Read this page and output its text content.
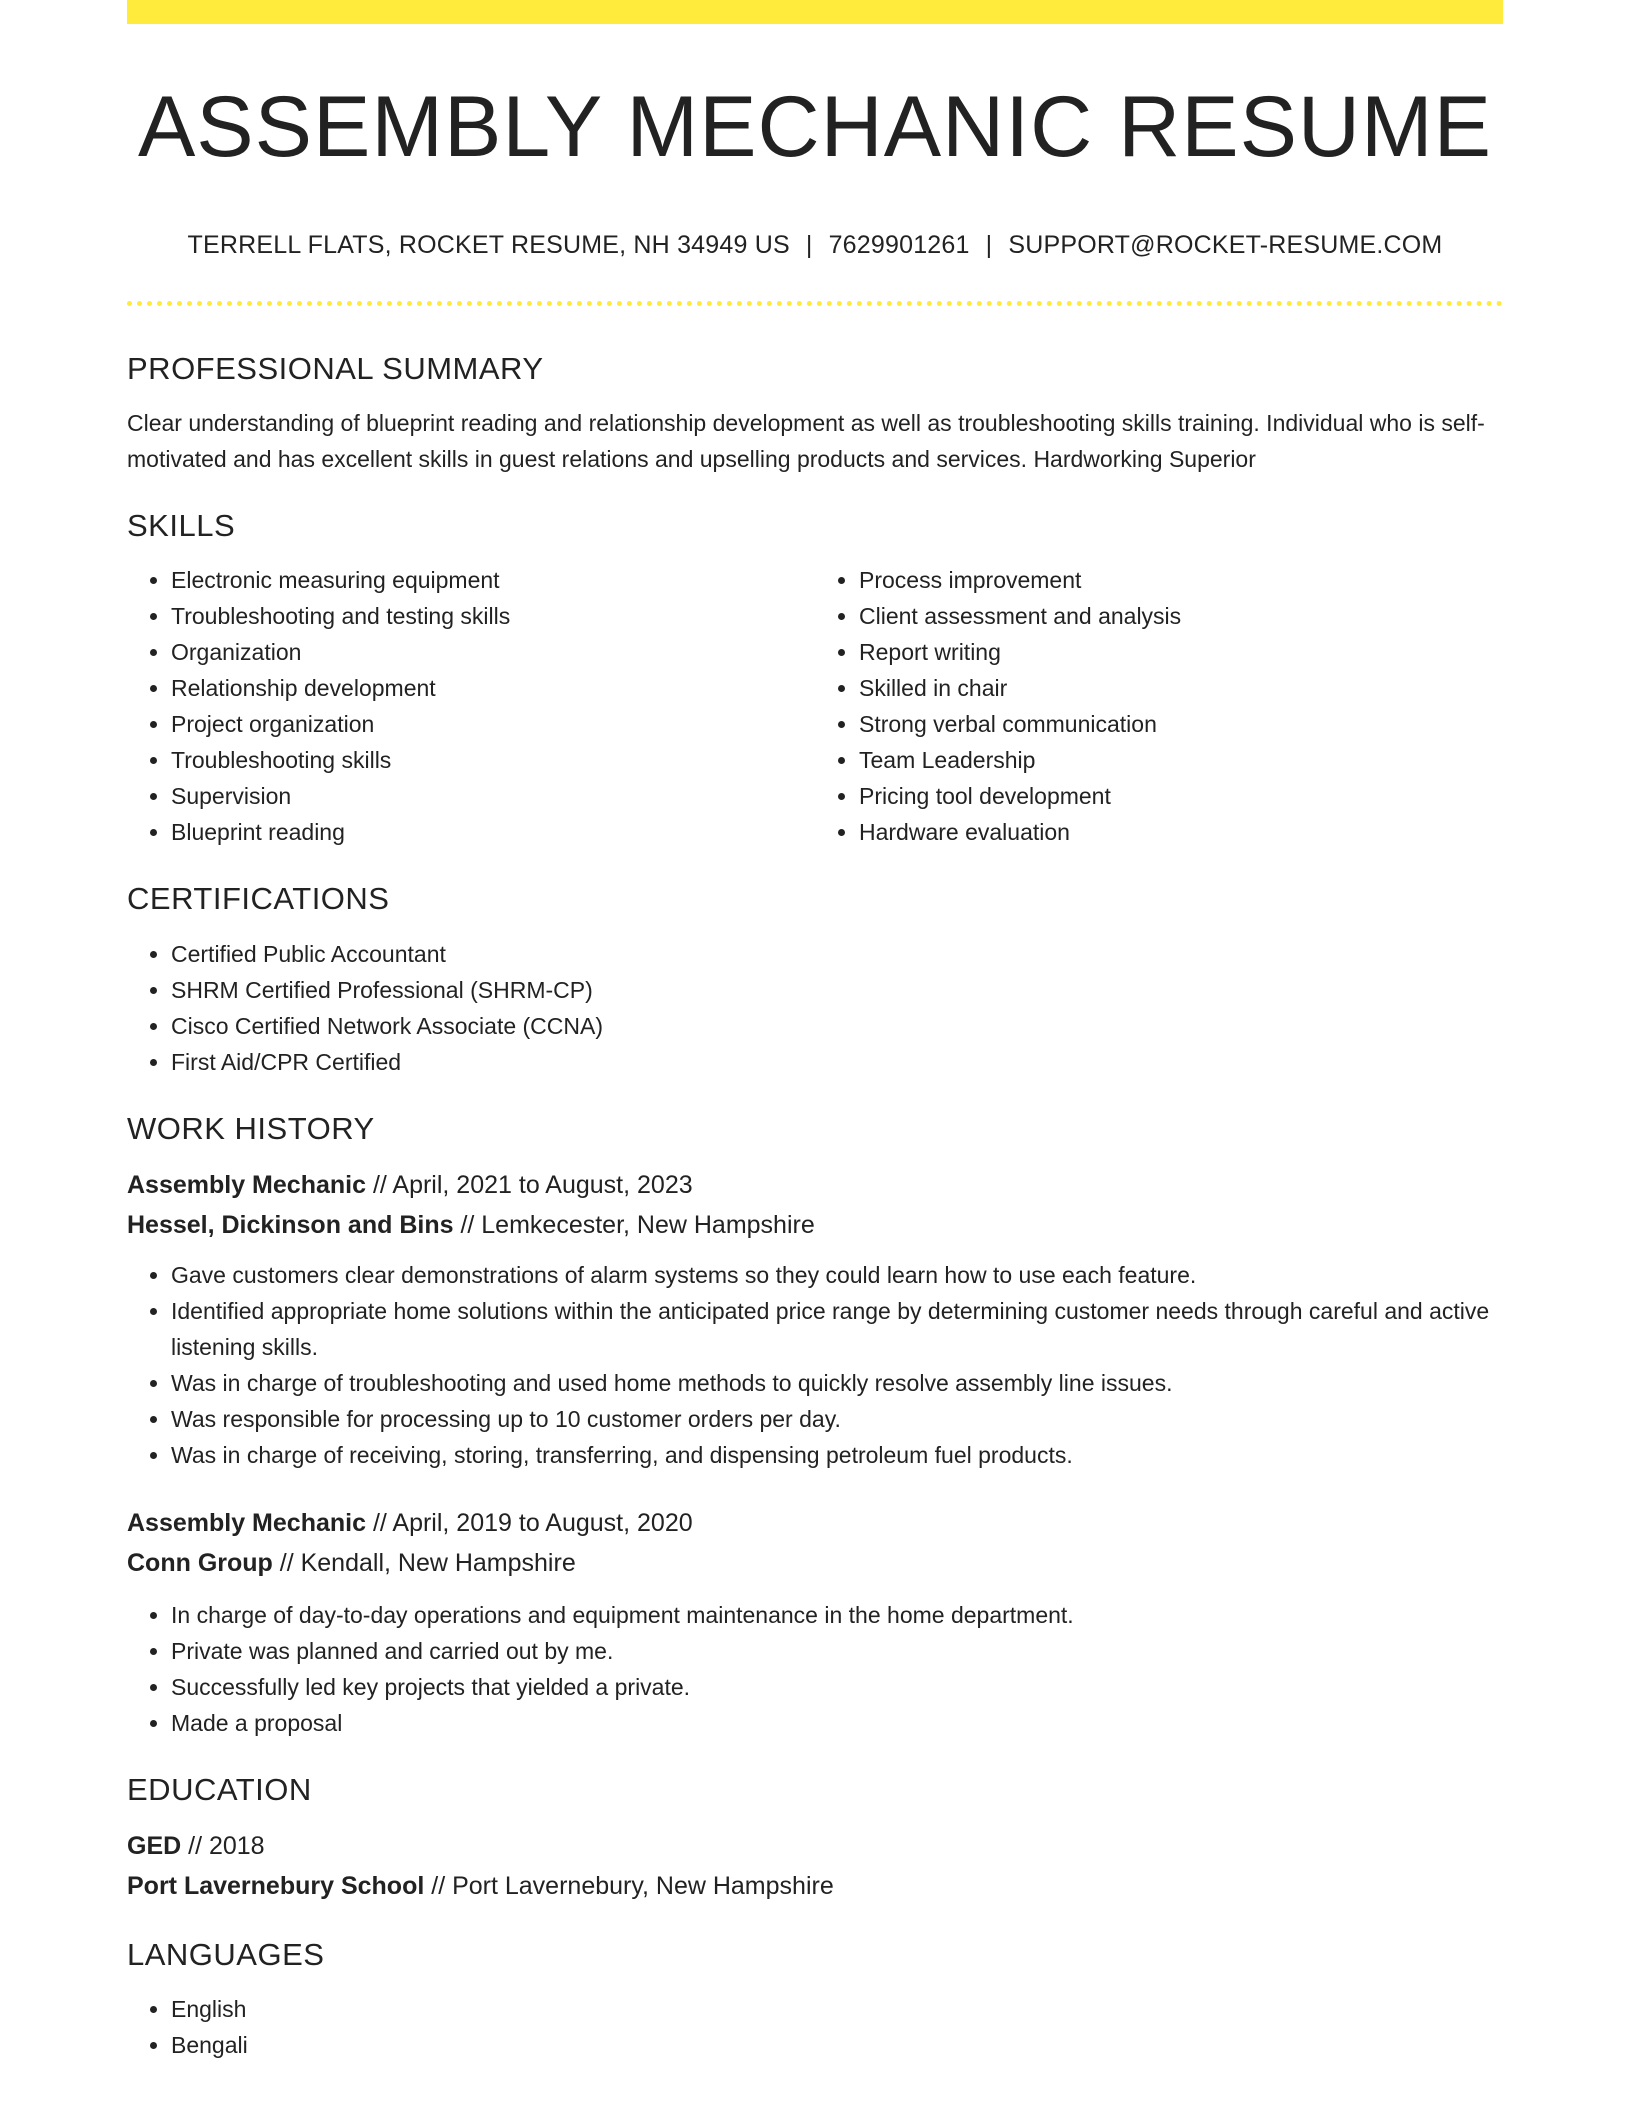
ASSEMBLY MECHANIC RESUME
TERRELL FLATS, ROCKET RESUME, NH 34949 US | 7629901261 | SUPPORT@ROCKET-RESUME.COM
PROFESSIONAL SUMMARY

Clear understanding of blueprint reading and relationship development as well as troubleshooting skills training. Individual who is self-motivated and has excellent skills in guest relations and upselling products and services. Hardworking Superior

SKILLS
• Electronic measuring equipment
• Troubleshooting and testing skills
• Organization
• Relationship development
• Project organization
• Troubleshooting skills
• Supervision
• Blueprint reading
• Process improvement
• Client assessment and analysis
• Report writing
• Skilled in chair
• Strong verbal communication
• Team Leadership
• Pricing tool development
• Hardware evaluation
CERTIFICATIONS
• Certified Public Accountant
• SHRM Certified Professional (SHRM-CP)
• Cisco Certified Network Associate (CCNA)
• First Aid/CPR Certified
WORK HISTORY

Assembly Mechanic // April, 2021 to August, 2023

Hessel, Dickinson and Bins // Lemkecester, New Hampshire

• Gave customers clear demonstrations of alarm systems so they could learn how to use each feature.
• Identified appropriate home solutions within the anticipated price range by determining customer needs through careful and active listening skills.
• Was in charge of troubleshooting and used home methods to quickly resolve assembly line issues.
• Was responsible for processing up to 10 customer orders per day.
• Was in charge of receiving, storing, transferring, and dispensing petroleum fuel products.

Assembly Mechanic // April, 2019 to August, 2020

Conn Group // Kendall, New Hampshire

• In charge of day-to-day operations and equipment maintenance in the home department.
• Private was planned and carried out by me.
• Successfully led key projects that yielded a private.
• Made a proposal
EDUCATION

GED // 2018

Port Lavernebury School // Port Lavernebury, New Hampshire

LANGUAGES
• English
• Bengali
